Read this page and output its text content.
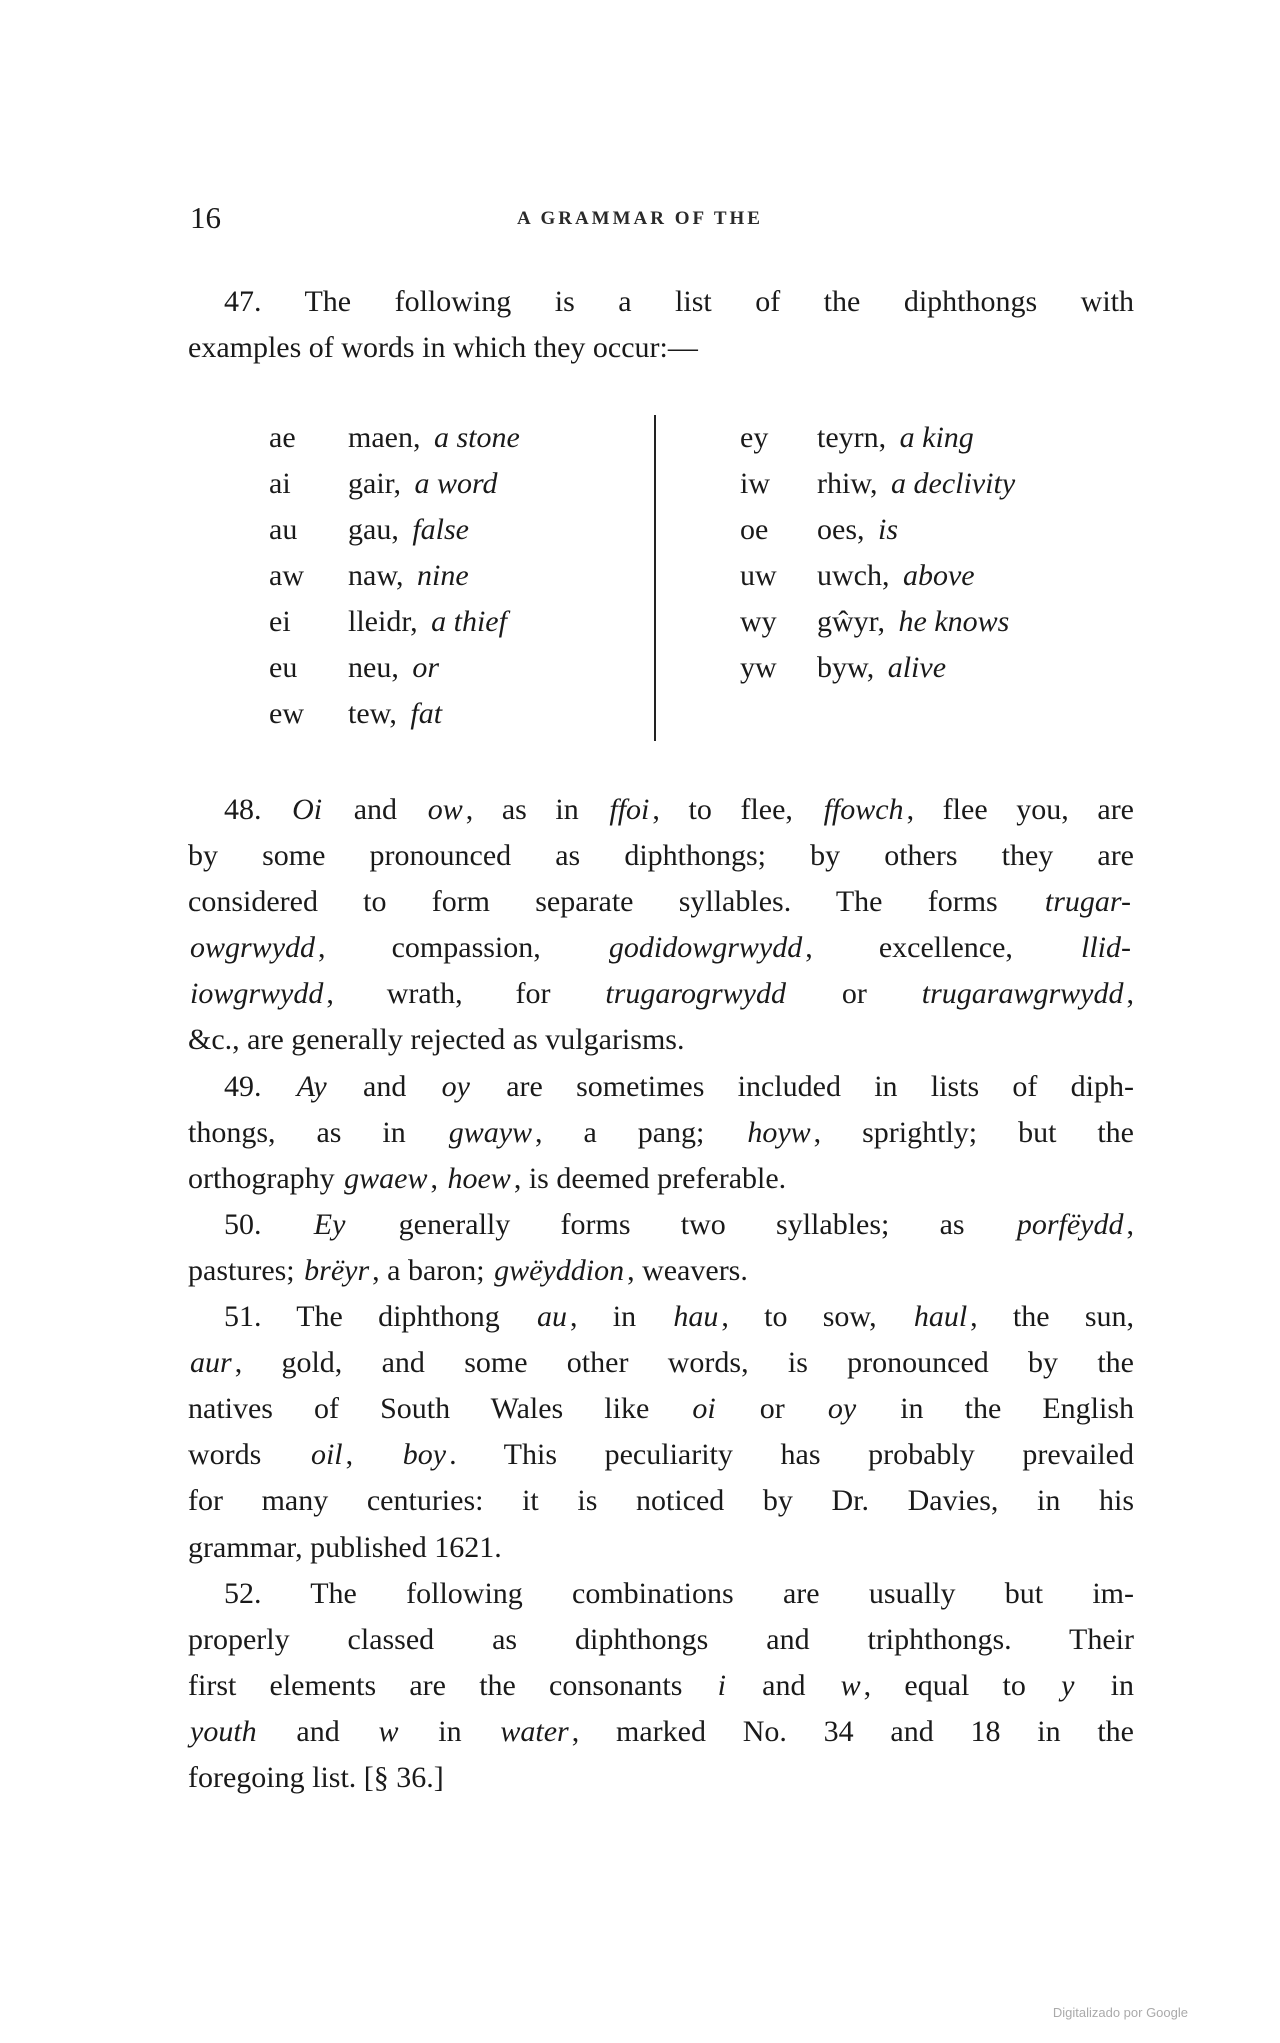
16	A GRAMMAR OF THE
47. The following is a list of the diphthongs with
examples of words in which they occur:—
ae maen, a stone
ai gair, a word
au gau, false
aw naw, nine
ei lleidr, a thief
eu neu, or
ew tew, fat
ey teyrn, a king
iw rhiw, a declivity
oe oes, is
uw uwch, above
wy gŵyr, he knows
yw byw, alive
48. Oi and ow , as in ffoi , to flee, ffowch , flee you, are
by some pronounced as diphthongs; by others they are
considered to form separate syllables. The forms trugar-
owgrwydd , compassion, godidowgrwydd , excellence, llid-
iowgrwydd , wrath, for trugarogrwydd or trugarawgrwydd ,
&c., are generally rejected as vulgarisms.
49. Ay and oy are sometimes included in lists of diph-
thongs, as in gwayw , a pang; hoyw , sprightly; but the
orthography gwaew , hoew , is deemed preferable.
50. Ey generally forms two syllables; as porfëydd ,
pastures; brëyr , a baron; gwëyddion , weavers.
51. The diphthong au , in hau , to sow, haul , the sun,
aur , gold, and some other words, is pronounced by the
natives of South Wales like oi or oy in the English
words oil , boy . This peculiarity has probably prevailed
for many centuries: it is noticed by Dr. Davies, in his
grammar, published 1621.
52. The following combinations are usually but im-
properly classed as diphthongs and triphthongs. Their
first elements are the consonants i and w , equal to y in
youth and w in water , marked No. 34 and 18 in the
foregoing list. [§ 36.]
Digitalizado por Google
